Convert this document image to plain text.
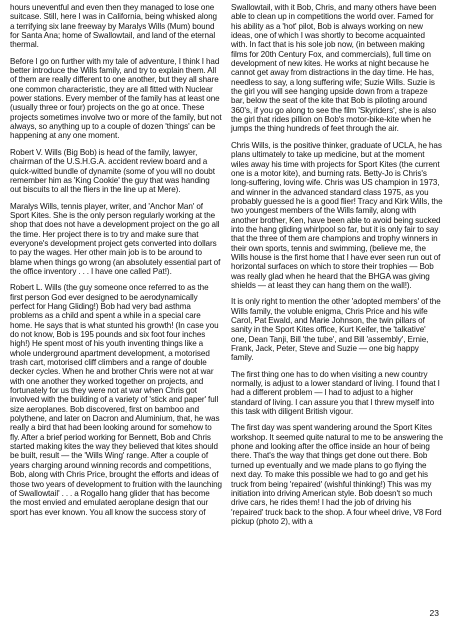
hours uneventful and even then they managed to lose one suitcase. Still, here I was in California, being whisked along a terrifying six lane freeway by Maralys Wills (Mum) bound for Santa Ana; home of Swallowtail, and land of the eternal thermal.

Before I go on further with my tale of adventure, I think I had better introduce the Wills family, and try to explain them. All of them are really different to one another, but they all share one common characteristic, they are all fitted with Nuclear power stations. Every member of the family has at least one (usually three or four) projects on the go at once. These projects sometimes involve two or more of the family, but not always, so anything up to a couple of dozen 'things' can be happening at any one moment.

Robert V. Wills (Big Bob) is head of the family, lawyer, chairman of the U.S.H.G.A. accident review board and a quick-witted bundle of dynamite (some of you will no doubt remember him as 'King Cookie' the guy that was handing out biscuits to all the fliers in the line up at Mere).

Maralys Wills, tennis player, writer, and 'Anchor Man' of Sport Kites. She is the only person regularly working at the shop that does not have a development project on the go all the time. Her project there is to try and make sure that everyone's development project gets converted into dollars to pay the wages. Her other main job is to be around to blame when things go wrong (an absolutely essential part of the office inventory . . . I have one called Pat!).

Robert L. Wills (the guy someone once referred to as the first person God ever designed to be aerodynamically perfect for Hang Gliding!) Bob had very bad asthma problems as a child and spent a while in a special care home. He says that is what stunted his growth! (In case you do not know, Bob is 195 pounds and six foot four inches high!) He spent most of his youth inventing things like a whole underground apartment development, a motorised trash cart, motorised cliff climbers and a range of double decker cycles. When he and brother Chris were not at war with one another they worked together on projects, and fortunately for us they were not at war when Chris got involved with the building of a variety of 'stick and paper' full size aeroplanes. Bob discovered, first on bamboo and polythene, and later on Dacron and Aluminium, that, he was really a bird that had been looking around for somehow to fly. After a brief period working for Bennett, Bob and Chris started making kites the way they believed that kites should be built, result — the 'Wills Wing' range. After a couple of years charging around winning records and competitions, Bob, along with Chris Price, brought the efforts and ideas of those two years of development to fruition with the launching of Swallowtail' . . . a Rogallo hang glider that has become the most envied and emulated aeroplane design that our sport has ever known. You all know the success story of

Swallowtail, with it Bob, Chris, and many others have been able to clean up in competitions the world over. Famed for his ability as a 'hot' pilot, Bob is always working on new ideas, one of which I was shortly to become acquainted with. In fact that is his sole job now, (in between making films for 20th Century Fox, and commercials), full time on development of new kites. He works at night because he cannot get away from distractions in the day time. He has, needless to say, a long suffering wife; Suzie Wills. Suzie is the girl you will see hanging upside down from a trapeze bar, below the seat of the kite that Bob is piloting around 360's, if you go along to see the film 'Skyriders', she is also the girl that rides pillion on Bob's motor-bike-kite when he jumps the thing hundreds of feet through the air.

Chris Wills, is the positive thinker, graduate of UCLA, he has plans ultimately to take up medicine, but at the moment wiles away his time with projects for Sport Kites (the current one is a motor kite), and burning rats. Betty-Jo is Chris's long-suffering, loving wife. Chris was US champion in 1973, and winner in the advanced standard class 1975, as you probably guessed he is a good flier! Tracy and Kirk Wills, the two youngest members of the Wills family, along with another brother, Ken, have been able to avoid being sucked into the hang gliding whirlpool so far, but it is only fair to say that the three of them are champions and trophy winners in their own sports, tennis and swimming, (believe me, the Wills house is the first home that I have ever seen run out of horizontal surfaces on which to store their trophies — Bob was really glad when he heard that the BHGA was giving shields — at least they can hang them on the wall!).

It is only right to mention the other 'adopted members' of the Wills family, the voluble enigma, Chris Price and his wife Carol, Pat Ewald, and Marie Johnson, the twin pillars of sanity in the Sport Kites office, Kurt Keifer, the 'talkative' one, Dean Tanji, Bill 'the tube', and Bill 'assembly', Ernie, Frank, Jack, Peter, Steve and Suzie — one big happy family.

The first thing one has to do when visiting a new country normally, is adjust to a lower standard of living. I found that I had a different problem — I had to adjust to a higher standard of living. I can assure you that I threw myself into this task with diligent British vigour.

The first day was spent wandering around the Sport Kites workshop. It seemed quite natural to me to be answering the phone and looking after the office inside an hour of being there. That's the way that things get done out there. Bob turned up eventually and we made plans to go flying the next day. To make this possible we had to go and get his truck from being 'repaired' (wishful thinking!) This was my initiation into driving American style. Bob doesn't so much drive cars, he rides them! I had the job of driving his 'repaired' truck back to the shop. A four wheel drive, V8 Ford pickup (photo 2), with a

23
